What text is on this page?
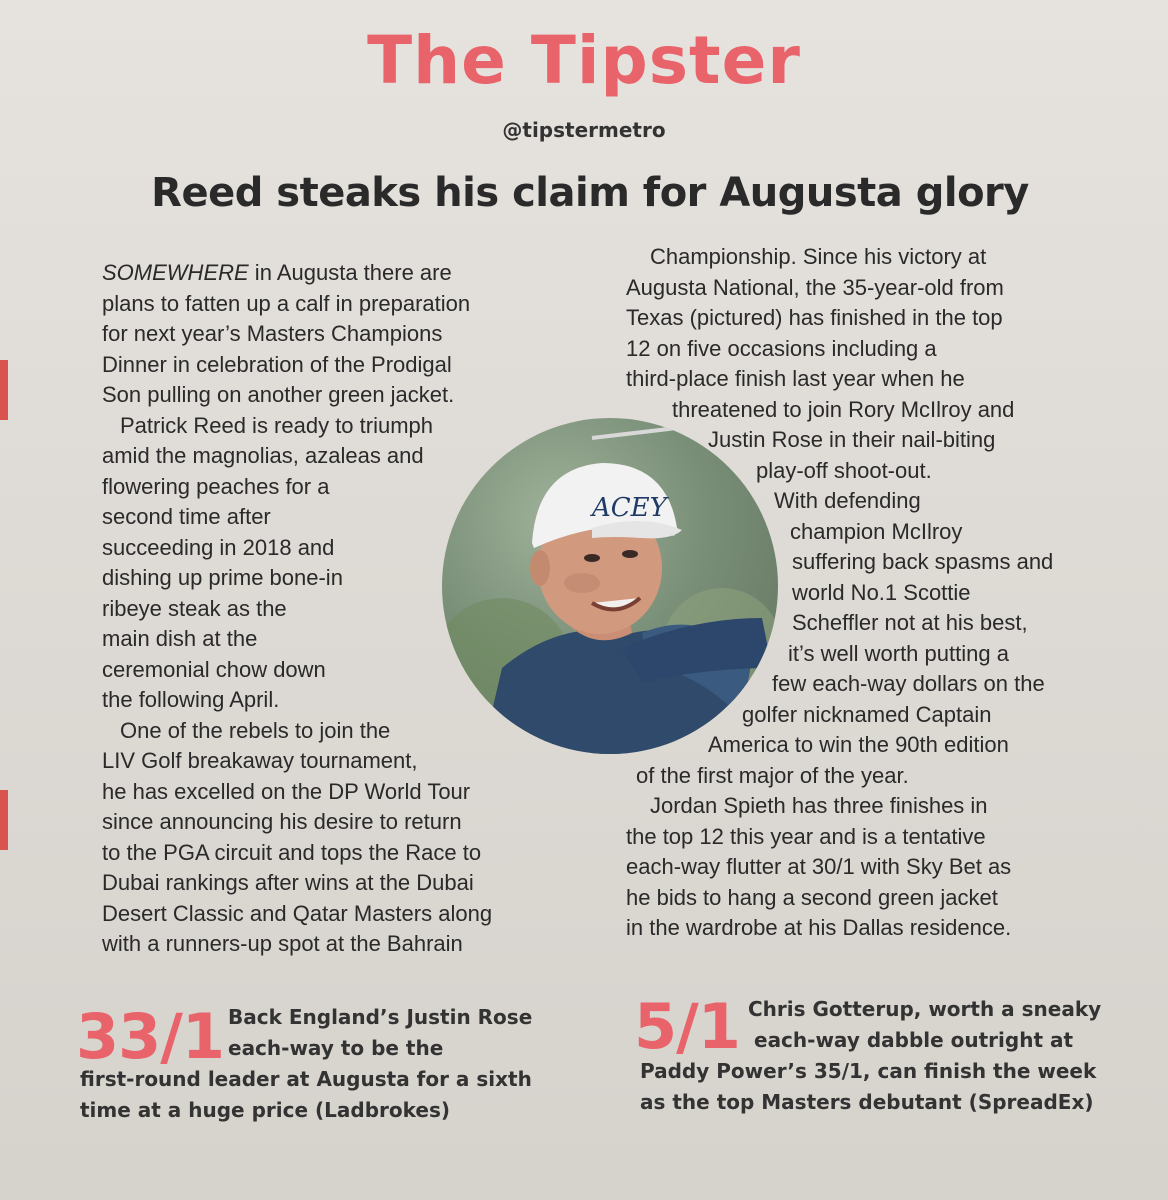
The Tipster
@tipstermetro
Reed steaks his claim for Augusta glory
SOMEWHERE in Augusta there are
plans to fatten up a calf in preparation
for next year’s Masters Champions
Dinner in celebration of the Prodigal
Son pulling on another green jacket.
Patrick Reed is ready to triumph
amid the magnolias, azaleas and
flowering peaches for a
second time after
succeeding in 2018 and
dishing up prime bone-in
ribeye steak as the
main dish at the
ceremonial chow down
the following April.
One of the rebels to join the
LIV Golf breakaway tournament,
he has excelled on the DP World Tour
since announcing his desire to return
to the PGA circuit and tops the Race to
Dubai rankings after wins at the Dubai
Desert Classic and Qatar Masters along
with a runners-up spot at the Bahrain
Championship. Since his victory at
Augusta National, the 35-year-old from
Texas (pictured) has finished in the top
12 on five occasions including a
third-place finish last year when he
threatened to join Rory McIlroy and
Justin Rose in their nail-biting
play-off shoot-out.
With defending
champion McIlroy
suffering back spasms and
world No.1 Scottie
Scheffler not at his best,
it’s well worth putting a
few each-way dollars on the
golfer nicknamed Captain
America to win the 90th edition
of the first major of the year.
Jordan Spieth has three finishes in
the top 12 this year and is a tentative
each-way flutter at 30/1 with Sky Bet as
he bids to hang a second green jacket
in the wardrobe at his Dallas residence.
ACEY
33/1 Back England’s Justin Rose
each-way to be the
first-round leader at Augusta for a sixth
time at a huge price (Ladbrokes)
5/1 Chris Gotterup, worth a sneaky
each-way dabble outright at
Paddy Power’s 35/1, can finish the week
as the top Masters debutant (SpreadEx)
